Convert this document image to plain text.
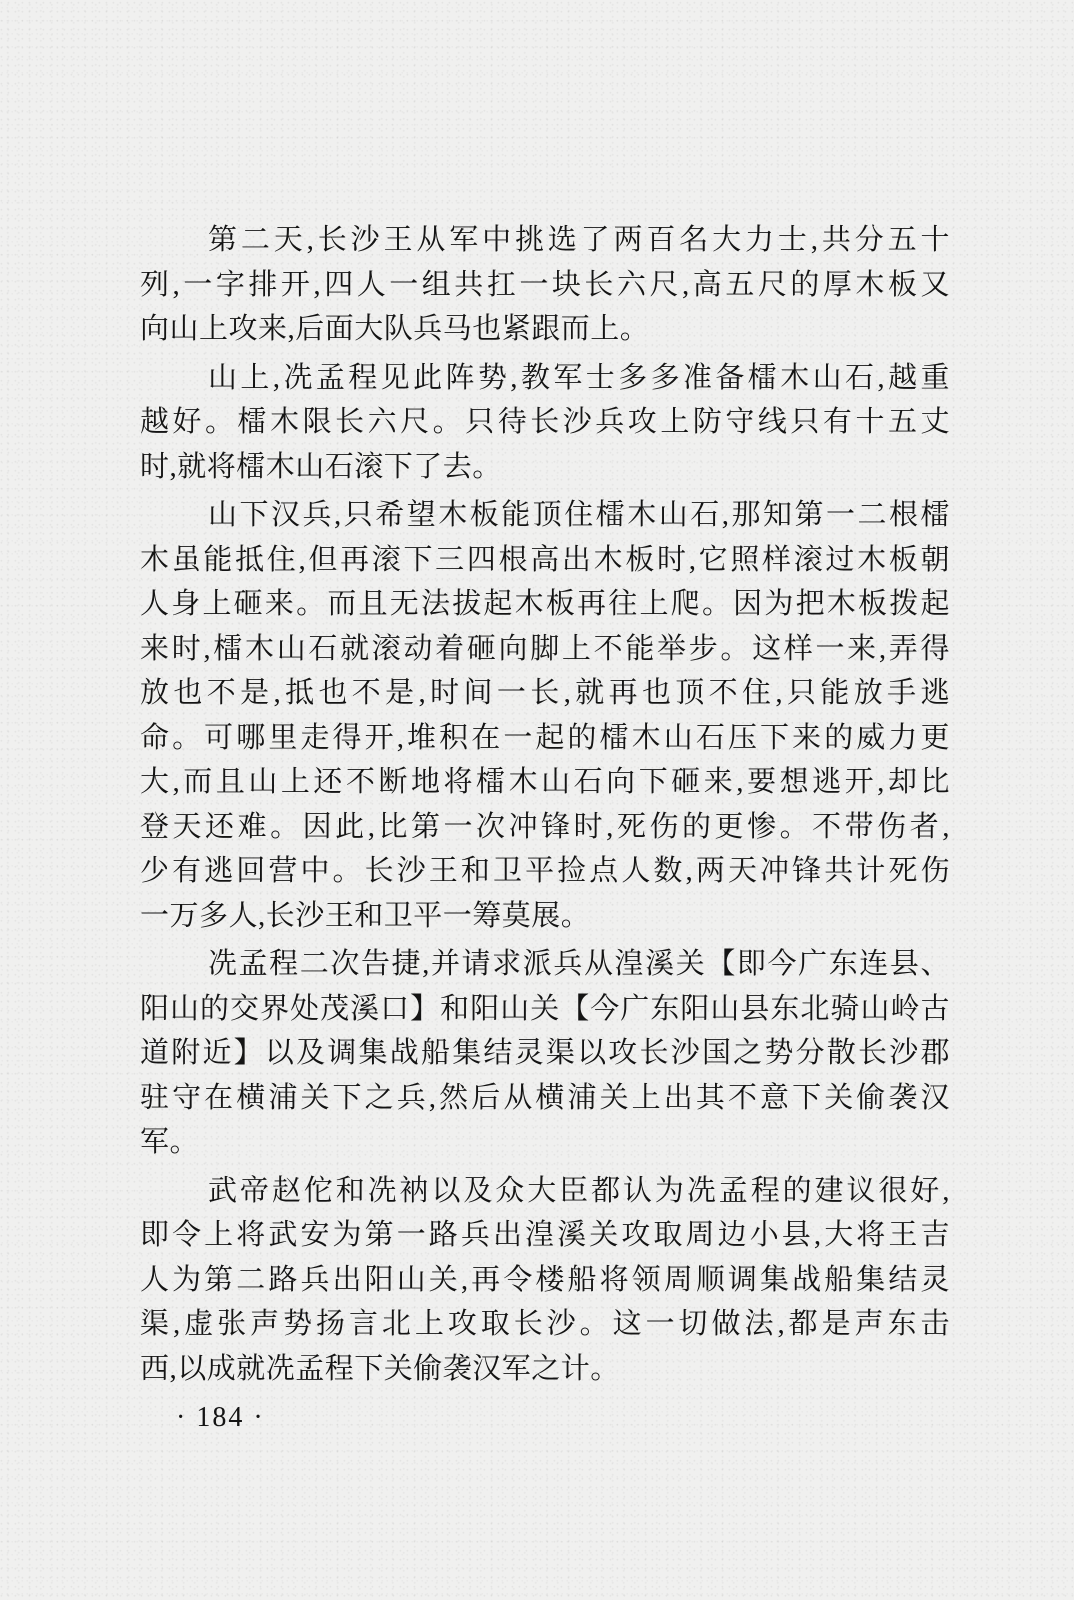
第二天,长沙王从军中挑选了两百名大力士,共分五十
列,一字排开,四人一组共扛一块长六尺,高五尺的厚木板又
向山上攻来,后面大队兵马也紧跟而上。

山上,冼孟程见此阵势,教军士多多准备檑木山石,越重
越好。檑木限长六尺。只待长沙兵攻上防守线只有十五丈
时,就将檑木山石滚下了去。

山下汉兵,只希望木板能顶住檑木山石,那知第一二根檑
木虽能抵住,但再滚下三四根高出木板时,它照样滚过木板朝
人身上砸来。而且无法拔起木板再往上爬。因为把木板拨起
来时,檑木山石就滚动着砸向脚上不能举步。这样一来,弄得
放也不是,抵也不是,时间一长,就再也顶不住,只能放手逃
命。可哪里走得开,堆积在一起的檑木山石压下来的威力更
大,而且山上还不断地将檑木山石向下砸来,要想逃开,却比
登天还难。因此,比第一次冲锋时,死伤的更惨。不带伤者,
少有逃回营中。长沙王和卫平捡点人数,两天冲锋共计死伤
一万多人,长沙王和卫平一筹莫展。

冼孟程二次告捷,并请求派兵从湟溪关【即今广东连县、
阳山的交界处茂溪口】和阳山关【今广东阳山县东北骑山岭古
道附近】以及调集战船集结灵渠以攻长沙国之势分散长沙郡
驻守在横浦关下之兵,然后从横浦关上出其不意下关偷袭汉
军。

武帝赵佗和冼衲以及众大臣都认为冼孟程的建议很好,
即令上将武安为第一路兵出湟溪关攻取周边小县,大将王吉
人为第二路兵出阳山关,再令楼船将领周顺调集战船集结灵
渠,虚张声势扬言北上攻取长沙。这一切做法,都是声东击
西,以成就冼孟程下关偷袭汉军之计。

· 184 ·
